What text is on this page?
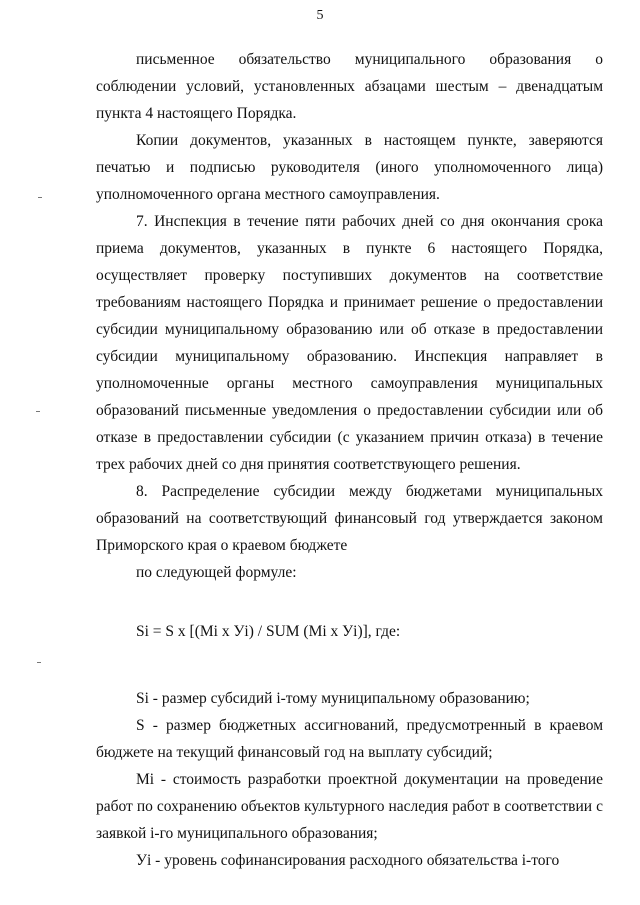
5

письменное обязательство муниципального образования о соблюдении условий, установленных абзацами шестым – двенадцатым пункта 4 настоящего Порядка.

Копии документов, указанных в настоящем пункте, заверяются печатью и подписью руководителя (иного уполномоченного лица) уполномоченного органа местного самоуправления.

7. Инспекция в течение пяти рабочих дней со дня окончания срока приема документов, указанных в пункте 6 настоящего Порядка, осуществляет проверку поступивших документов на соответствие требованиям настоящего Порядка и принимает решение о предоставлении субсидии муниципальному образованию или об отказе в предоставлении субсидии муниципальному образованию. Инспекция направляет в уполномоченные органы местного самоуправления муниципальных образований письменные уведомления о предоставлении субсидии или об отказе в предоставлении субсидии (с указанием причин отказа) в течение трех рабочих дней со дня принятия соответствующего решения.

8. Распределение субсидии между бюджетами муниципальных образований на соответствующий финансовый год утверждается законом Приморского края о краевом бюджете

по следующей формуле:

Si = S x [(Mi x Уi) / SUM (Mi x Уi)], где:

Si - размер субсидий i-тому муниципальному образованию;

S - размер бюджетных ассигнований, предусмотренный в краевом бюджете на текущий финансовый год на выплату субсидий;

Mi - стоимость разработки проектной документации на проведение работ по сохранению объектов культурного наследия работ в соответствии с заявкой i-го муниципального образования;

Уi - уровень софинансирования расходного обязательства i-того
